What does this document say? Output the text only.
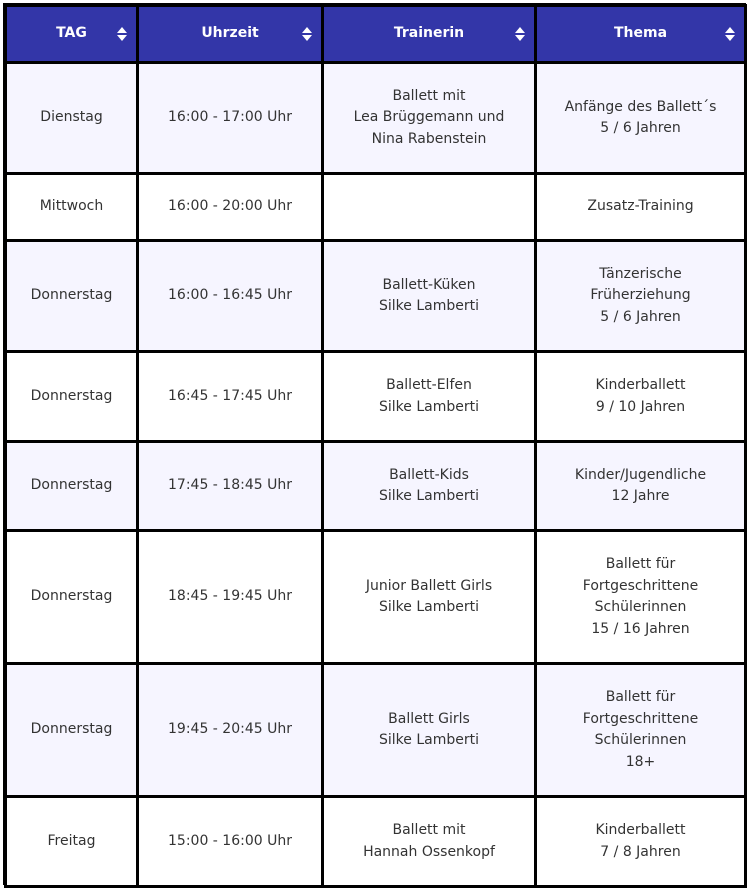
TAG	Uhrzeit	Trainerin	Thema

Dienstag	16:00 - 17:00 Uhr	Ballett mit
Lea Brüggemann und
Nina Rabenstein	Anfänge des Ballett´s
5 / 6 Jahren

Mittwoch	16:00 - 20:00 Uhr		Zusatz-Training

Donnerstag	16:00 - 16:45 Uhr	Ballett-Küken
Silke Lamberti	Tänzerische
Früherziehung
5 / 6 Jahren

Donnerstag	16:45 - 17:45 Uhr	Ballett-Elfen
Silke Lamberti	Kinderballett
9 / 10 Jahren

Donnerstag	17:45 - 18:45 Uhr	Ballett-Kids
Silke Lamberti	Kinder/Jugendliche
12 Jahre

Donnerstag	18:45 - 19:45 Uhr	Junior Ballett Girls
Silke Lamberti	Ballett für
Fortgeschrittene
Schülerinnen
15 / 16 Jahren

Donnerstag	19:45 - 20:45 Uhr	Ballett Girls
Silke Lamberti	Ballett für
Fortgeschrittene
Schülerinnen
18+

Freitag	15:00 - 16:00 Uhr	Ballett mit
Hannah Ossenkopf	Kinderballett
7 / 8 Jahren
